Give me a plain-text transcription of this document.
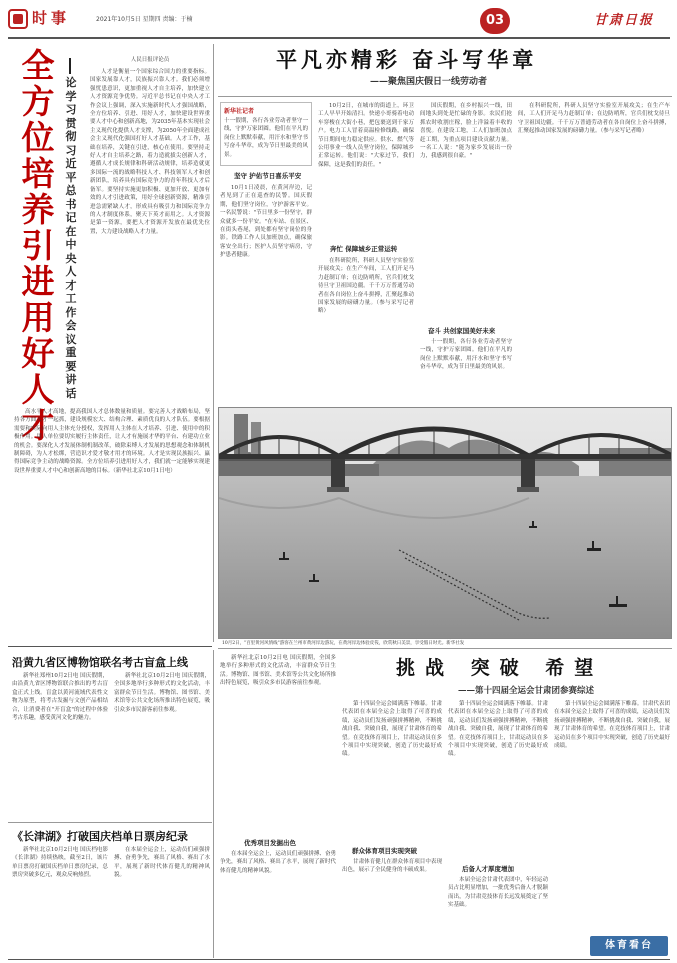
时事	2021年10月5日 星期四 责编：于楠	03	甘肃日报
全方位培养引进用好人才
论学习贯彻习近平总书记在中央人才工作会议重要讲话
人民日报评论员
人才是衡量一个国家综合国力的重要指标。国家发展靠人才，民族振兴靠人才。我们必须增强忧患意识，更加重视人才自主培养，加快建立人才资源竞争优势。习近平总书记在中央人才工作会议上强调，深入实施新时代人才强国战略，全方位培养、引进、用好人才，加快建设世界重要人才中心和创新高地，为2035年基本实现社会主义现代化提供人才支撑，为2050年全面建成社会主义现代化强国打好人才基础。人才工作，基础在培养，关键在引进，核心在使用。要坚持走好人才自主培养之路，着力造就拔尖创新人才，遵循人才成长规律和科研活动规律，培养造就更多国际一流的战略科技人才、科技领军人才和创新团队，培养具有国际竞争力的青年科技人才后备军。要坚持实施更加积极、更加开放、更加有效的人才引进政策，用好全球创新资源，精准引进急需紧缺人才，形成具有吸引力和国际竞争力的人才制度体系，聚天下英才而用之。人才资源是第一资源，要把人才资源开发放在最优先位置，大力建设战略人才力量。
高水平人才高地，提高我国人才总体数量和质量。要完善人才战略布局，坚持各方面人才一起抓，建设规模宏大、结构合理、素质优良的人才队伍。要根据需要和实际向用人主体充分授权，发挥用人主体在人才培养、引进、使用中的积极作用。用人单位要切实履行主体责任，让人才有施展才华的平台、有建功立业的机会。要深化人才发展体制机制改革，破除束缚人才发展的思想观念和体制机制障碍，为人才松绑，营造识才爱才敬才用才的环境。人才是实现民族振兴、赢得国际竞争主动的战略资源。全方位培养引进用好人才，我们就一定能够实现建设世界重要人才中心和创新高地的目标。（新华社北京10月1日电）
平凡亦精彩 奋斗写华章
——聚焦国庆假日一线劳动者
新华社记者
十一假期，各行各业劳动者坚守一线，守护万家团圆。他们在平凡的岗位上默默奉献，用汗水和坚守书写奋斗华章，成为节日里最美的风景。
坚守 护佑节日喜乐平安
10月1日凌晨，在黄河岸边，记者见到了正在巡查的民警。国庆假期，他们坚守岗位，守护游客平安。一名民警说："节日里多一份坚守，群众就多一份平安。"在车站、在景区、在街头巷尾，到处都有坚守岗位的身影。铁路工作人员加班加点，确保旅客安全出行；医护人员坚守病房，守护患者健康。
10月2日，在城市的街道上，环卫工人早早开始清扫。快递小哥骑着电动车穿梭在大街小巷，把包裹送到千家万户。电力工人冒着高温检修线路，确保节日期间电力稳定供应。供水、燃气等公用事业一线人员坚守岗位，保障城乡正常运转。他们说："大家过节，我们保障，这是我们的责任。"
奔忙 保障城乡正常运转
在科研院所，科研人员坚守实验室开展攻关；在生产车间，工人们开足马力赶制订单；在边防哨所，官兵们枕戈待旦守卫祖国边疆。千千万万普通劳动者在各自岗位上奋斗拼搏，汇聚起推动国家发展的磅礴力量。（参与采写记者略）
国庆假期，在乡村振兴一线，田间地头到处是忙碌的身影。农民们抢抓农时收割庄稼，脸上洋溢着丰收的喜悦。在建设工地，工人们加班加点赶工期，为重点项目建设贡献力量。一名工人说："能为家乡发展出一份力，我感到很自豪。"
奋斗 共创家国美好未来
十一假期，各行各业劳动者坚守一线，守护万家团圆。他们在平凡的岗位上默默奉献，用汗水和坚守书写奋斗华章，成为节日里最美的风景。
在科研院所，科研人员坚守实验室开展攻关；在生产车间，工人们开足马力赶制订单；在边防哨所，官兵们枕戈待旦守卫祖国边疆。千千万万普通劳动者在各自岗位上奋斗拼搏，汇聚起推动国家发展的磅礴力量。（参与采写记者略）
10月2日，"百里黄河风情线"游客在兰州市黄河岸边游玩，在黄河岸边体验皮筏，欣赏秋日美景，享受假日时光。新华社发
沿黄九省区博物馆联名考古盲盒上线
新华社郑州10月2日电 国庆假期，由沿黄九省区博物馆联合推出的考古盲盒正式上线。盲盒以黄河流域代表性文物为原型，将考古发掘与文创产品相结合，让消费者在"开盲盒"的过程中体验考古乐趣，感受黄河文化的魅力。
新华社北京10月2日电 国庆假期，全国多地举行多种形式的文化活动，丰富群众节日生活。博物馆、图书馆、美术馆等公共文化场所推出特色展览，吸引众多市民游客前往参观。
《长津湖》打破国庆档单日票房纪录
新华社北京10月2日电 国庆档电影《长津湖》持续热映，截至2日，该片单日票房打破国庆档单日票房纪录，总票房突破多亿元，观众反响热烈。
在本届全运会上，运动员们顽强拼搏、奋勇争先，赛出了风格、赛出了水平，展现了新时代体育健儿的精神风貌。
新华社北京10月2日电 国庆假期，全国多地举行多种形式的文化活动，丰富群众节日生活。博物馆、图书馆、美术馆等公共文化场所推出特色展览，吸引众多市民游客前往参观。
优秀项目发掘出色
在本届全运会上，运动员们顽强拼搏、奋勇争先，赛出了风格、赛出了水平，展现了新时代体育健儿的精神风貌。
挑战 突破 希望
——第十四届全运会甘肃团参赛综述
第十四届全运会圆满落下帷幕。甘肃代表团在本届全运会上取得了可喜的成绩，运动员们发扬顽强拼搏精神，不断挑战自我、突破自我，展现了甘肃体育的希望。在竞技体育项目上，甘肃运动员在多个项目中实现突破，创造了历史最好成绩。
群众体育项目实现突破
甘肃体育健儿在群众体育项目中表现出色，展示了全民健身的丰硕成果。
第十四届全运会圆满落下帷幕。甘肃代表团在本届全运会上取得了可喜的成绩，运动员们发扬顽强拼搏精神，不断挑战自我、突破自我，展现了甘肃体育的希望。在竞技体育项目上，甘肃运动员在多个项目中实现突破，创造了历史最好成绩。
后备人才厚度增加
本届全运会甘肃代表团中，年轻运动员占比明显增加，一批优秀后备人才脱颖而出，为甘肃竞技体育长远发展奠定了坚实基础。
第十四届全运会圆满落下帷幕。甘肃代表团在本届全运会上取得了可喜的成绩，运动员们发扬顽强拼搏精神，不断挑战自我、突破自我，展现了甘肃体育的希望。在竞技体育项目上，甘肃运动员在多个项目中实现突破，创造了历史最好成绩。
体育看台
